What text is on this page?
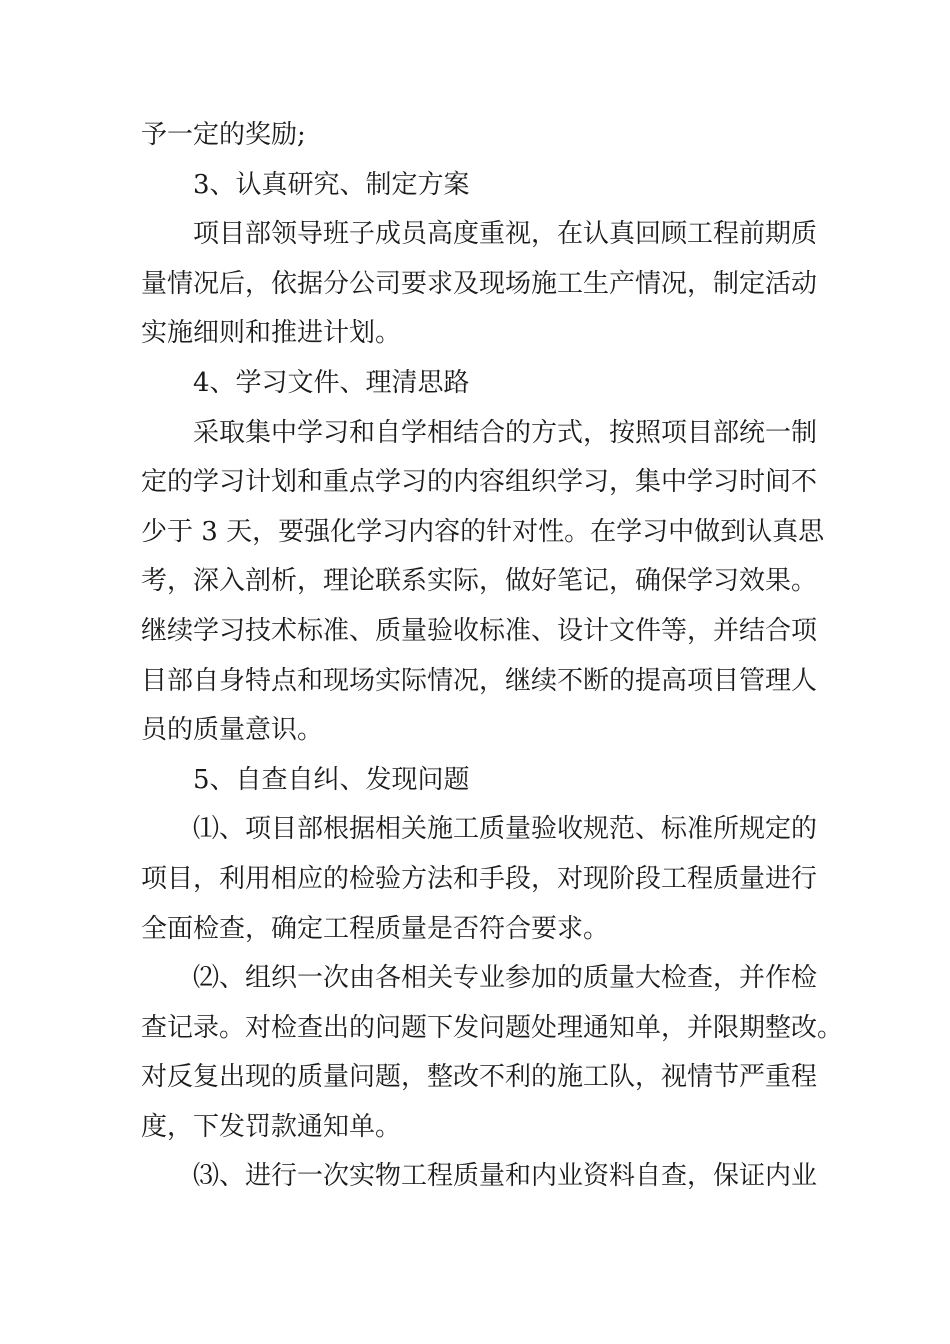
予一定的奖励;
3、认真研究、制定方案
项目部领导班子成员高度重视，在认真回顾工程前期质
量情况后，依据分公司要求及现场施工生产情况，制定活动
实施细则和推进计划。
4、学习文件、理清思路
采取集中学习和自学相结合的方式，按照项目部统一制
定的学习计划和重点学习的内容组织学习，集中学习时间不
少于 3 天，要强化学习内容的针对性。在学习中做到认真思
考，深入剖析，理论联系实际，做好笔记，确保学习效果。
继续学习技术标准、质量验收标准、设计文件等，并结合项
目部自身特点和现场实际情况，继续不断的提高项目管理人
员的质量意识。
5、自查自纠、发现问题
⑴、项目部根据相关施工质量验收规范、标准所规定的
项目，利用相应的检验方法和手段，对现阶段工程质量进行
全面检查，确定工程质量是否符合要求。
⑵、组织一次由各相关专业参加的质量大检查，并作检
查记录。对检查出的问题下发问题处理通知单，并限期整改。
对反复出现的质量问题，整改不利的施工队，视情节严重程
度，下发罚款通知单。
⑶、进行一次实物工程质量和内业资料自查，保证内业
